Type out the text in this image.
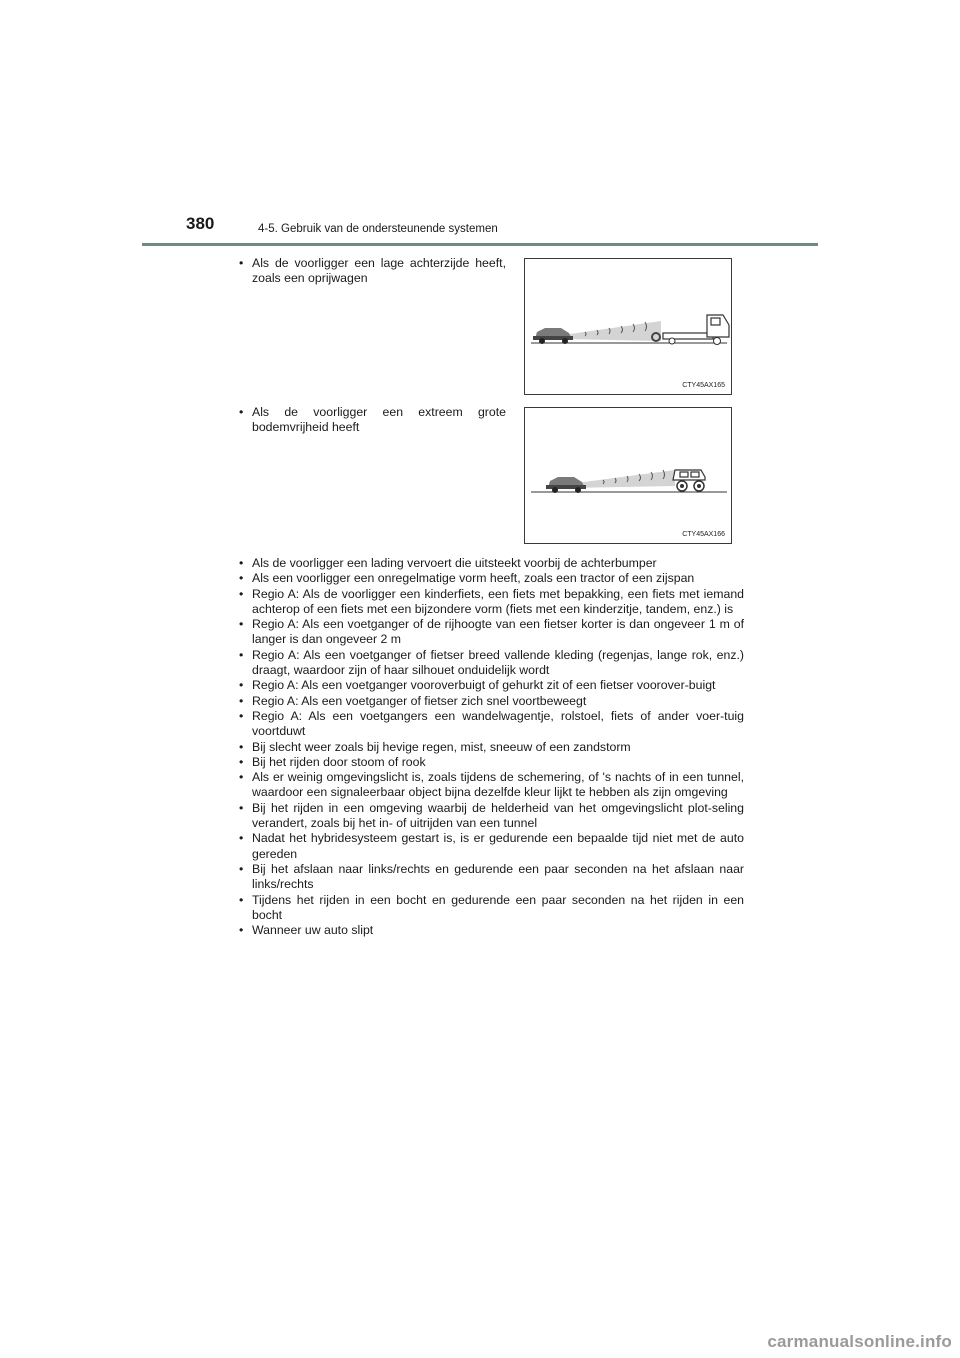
380	4-5. Gebruik van de ondersteunende systemen
• Als de voorligger een lage achterzijde heeft, zoals een oprijwagen
CTY45AX165
• Als de voorligger een extreem grote bodemvrijheid heeft
CTY45AX166
• Als de voorligger een lading vervoert die uitsteekt voorbij de achterbumper
• Als een voorligger een onregelmatige vorm heeft, zoals een tractor of een zijspan
• Regio A: Als de voorligger een kinderfiets, een fiets met bepakking, een fiets met iemand achterop of een fiets met een bijzondere vorm (fiets met een kinderzitje, tandem, enz.) is
• Regio A: Als een voetganger of de rijhoogte van een fietser korter is dan ongeveer 1 m of langer is dan ongeveer 2 m
• Regio A: Als een voetganger of fietser breed vallende kleding (regenjas, lange rok, enz.) draagt, waardoor zijn of haar silhouet onduidelijk wordt
• Regio A: Als een voetganger vooroverbuigt of gehurkt zit of een fietser voorover-buigt
• Regio A: Als een voetganger of fietser zich snel voortbeweegt
• Regio A: Als een voetgangers een wandelwagentje, rolstoel, fiets of ander voer-tuig voortduwt
• Bij slecht weer zoals bij hevige regen, mist, sneeuw of een zandstorm
• Bij het rijden door stoom of rook
• Als er weinig omgevingslicht is, zoals tijdens de schemering, of 's nachts of in een tunnel, waardoor een signaleerbaar object bijna dezelfde kleur lijkt te hebben als zijn omgeving
• Bij het rijden in een omgeving waarbij de helderheid van het omgevingslicht plot-seling verandert, zoals bij het in- of uitrijden van een tunnel
• Nadat het hybridesysteem gestart is, is er gedurende een bepaalde tijd niet met de auto gereden
• Bij het afslaan naar links/rechts en gedurende een paar seconden na het afslaan naar links/rechts
• Tijdens het rijden in een bocht en gedurende een paar seconden na het rijden in een bocht
• Wanneer uw auto slipt
carmanualsonline.info
